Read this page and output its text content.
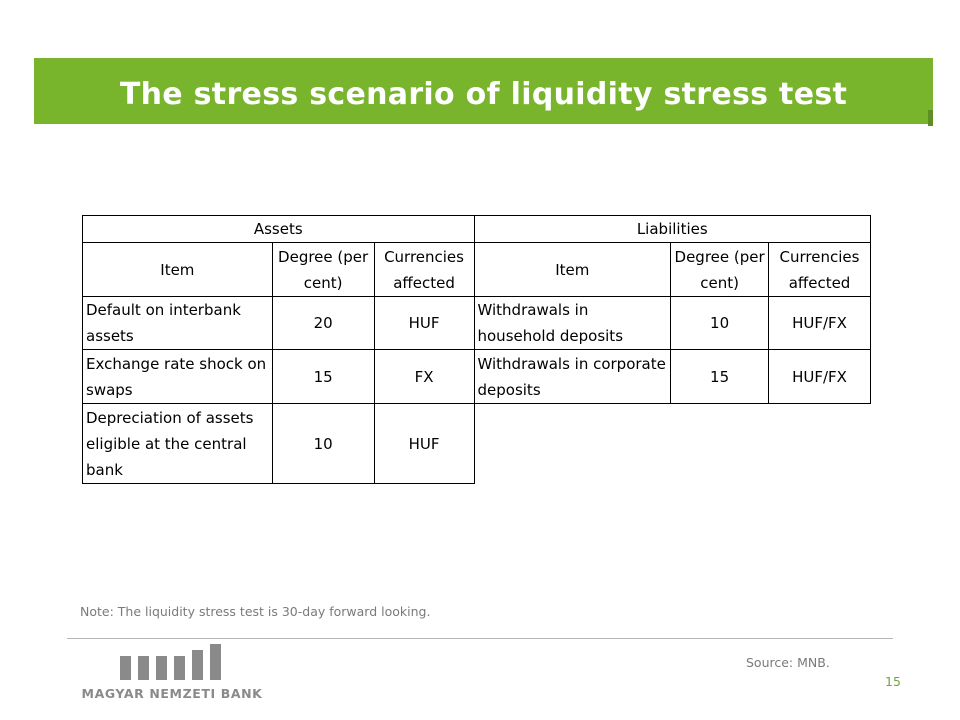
The stress scenario of liquidity stress test
Assets			Liabilities		
Item	Degree (per cent)	Currencies affected	Item	Degree (per cent)	Currencies affected
Default on interbank assets	20	HUF	Withdrawals in household deposits	10	HUF/FX
Exchange rate shock on swaps	15	FX	Withdrawals in corporate deposits	15	HUF/FX
Depreciation of assets eligible at the central bank	10	HUF			
Note: The liquidity stress test is 30-day forward looking.
Source: MNB.
15
MAGYAR NEMZETI BANK
